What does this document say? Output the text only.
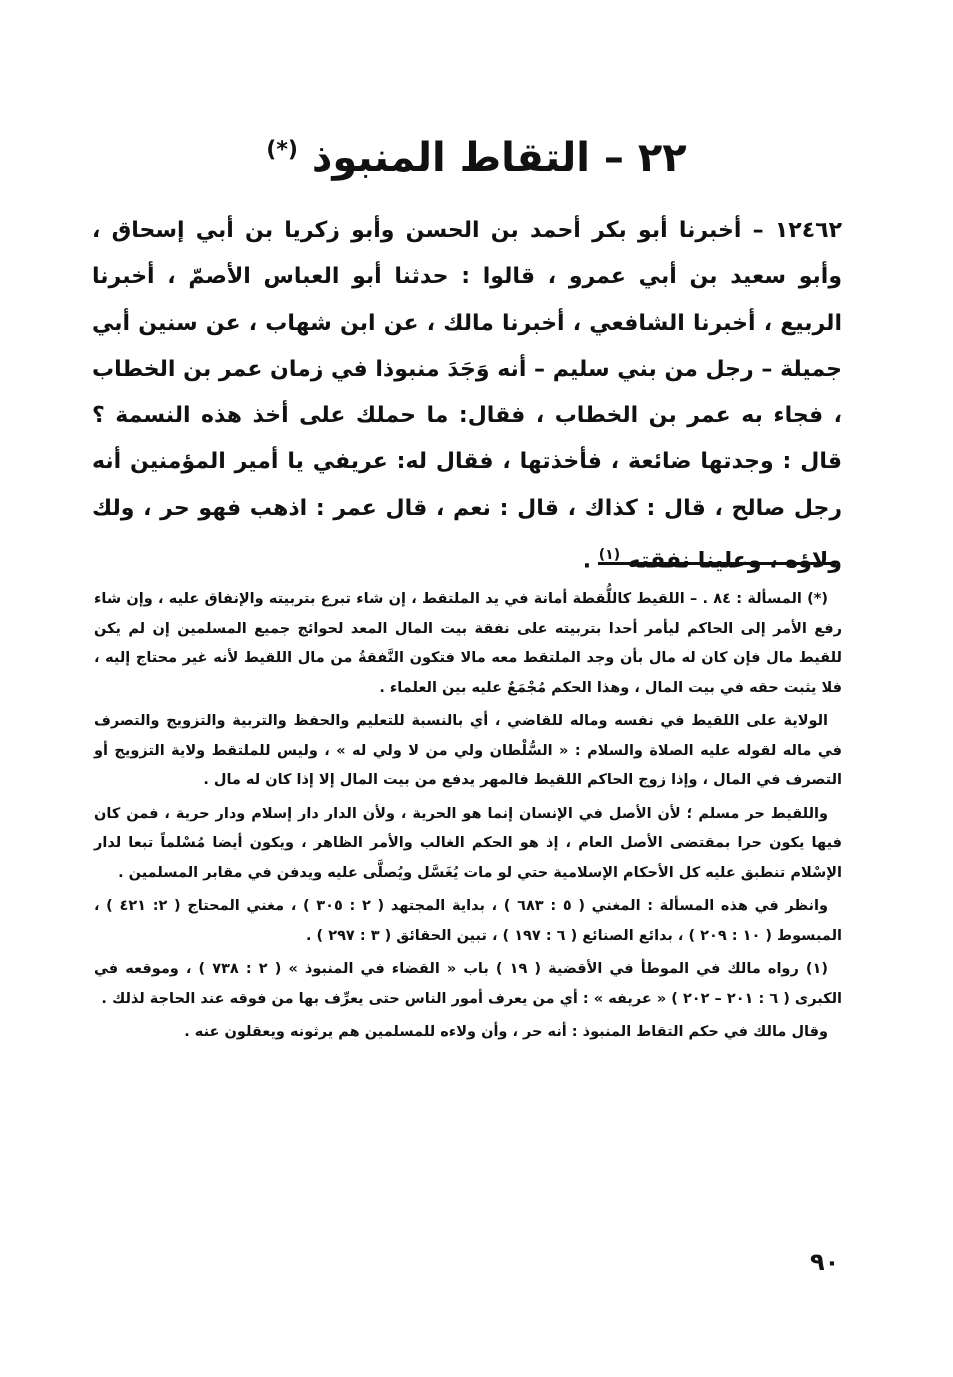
٢٢ – التقاط المنبوذ (*)

١٢٤٦٢ – أخبرنا أبو بكر أحمد بن الحسن وأبو زكريا بن أبي إسحاق ، وأبو سعيد بن أبي عمرو ، قالوا : حدثنا أبو العباس الأصمّ ، أخبرنا الربيع ، أخبرنا الشافعي ، أخبرنا مالك ، عن ابن شهاب ، عن سنين أبي جميلة – رجل من بني سليم – أنه وَجَدَ منبوذا في زمان عمر بن الخطاب ، فجاء به عمر بن الخطاب ، فقال: ما حملك على أخذ هذه النسمة ؟ قال : وجدتها ضائعة ، فأخذتها ، فقال له: عريفي يا أمير المؤمنين أنه رجل صالح ، قال : كذاك ، قال : نعم ، قال عمر : اذهب فهو حر ، ولك ولاؤه ، وعلينا نفقته $^{(١)}$ .

(*) المسألة : ٨٤ . – اللقيط كاللُّقطة أمانة في يد الملتقط ، إن شاء تبرع بتربيته والإنفاق عليه ، وإن شاء رفع الأمر إلى الحاكم ليأمر أحدا بتربيته على نفقة بيت المال المعد لحوائج جميع المسلمين إن لم يكن للقيط مال فإن كان له مال بأن وجد الملتقط معه مالا فتكون النَّفقةُ من مال اللقيط لأنه غير محتاج إليه ، فلا يثبت حقه في بيت المال ، وهذا الحكم مُجْمَعٌ عليه بين العلماء .

الولاية على اللقيط في نفسه وماله للقاضي ، أي بالنسبة للتعليم والحفظ والتربية والتزويج والتصرف في ماله لقوله عليه الصلاة والسلام : « السُّلْطان ولي من لا ولي له » ، وليس للملتقط ولاية التزويج أو التصرف في المال ، وإذا زوج الحاكم اللقيط فالمهر يدفع من بيت المال إلا إذا كان له مال .

واللقيط حر مسلم ؛ لأن الأصل في الإنسان إنما هو الحرية ، ولأن الدار دار إسلام ودار حرية ، فمن كان فيها يكون حرا بمقتضى الأصل العام ، إذ هو الحكم الغالب والأمر الظاهر ، ويكون أيضا مُسْلماً تبعا لدار الإسْلام تنطبق عليه كل الأحكام الإسلامية حتي لو مات يُغَسَّل ويُصلَّى عليه ويدفن في مقابر المسلمين .

وانظر في هذه المسألة : المغني ( ٥ : ٦٨٣ ) ، بداية المجتهد ( ٢ : ٣٠٥ ) ، مغني المحتاج ( ٢: ٤٢١ ) ، المبسوط ( ١٠ : ٢٠٩ ) ، بدائع الصنائع ( ٦ : ١٩٧ ) ، تبين الحقائق ( ٣ : ٢٩٧ ) .

(١) رواه مالك في الموطأ في الأقضية ( ١٩ ) باب « القضاء في المنبوذ » ( ٢ : ٧٣٨ ) ، وموقعه في الكبرى ( ٦ : ٢٠١ – ٢٠٢ ) « عريفه » : أي من يعرف أمور الناس حتى يعرِّف بها من فوقه عند الحاجة لذلك .

وقال مالك في حكم التقاط المنبوذ : أنه حر ، وأن ولاءه للمسلمين هم يرثونه ويعقلون عنه .

٩٠
